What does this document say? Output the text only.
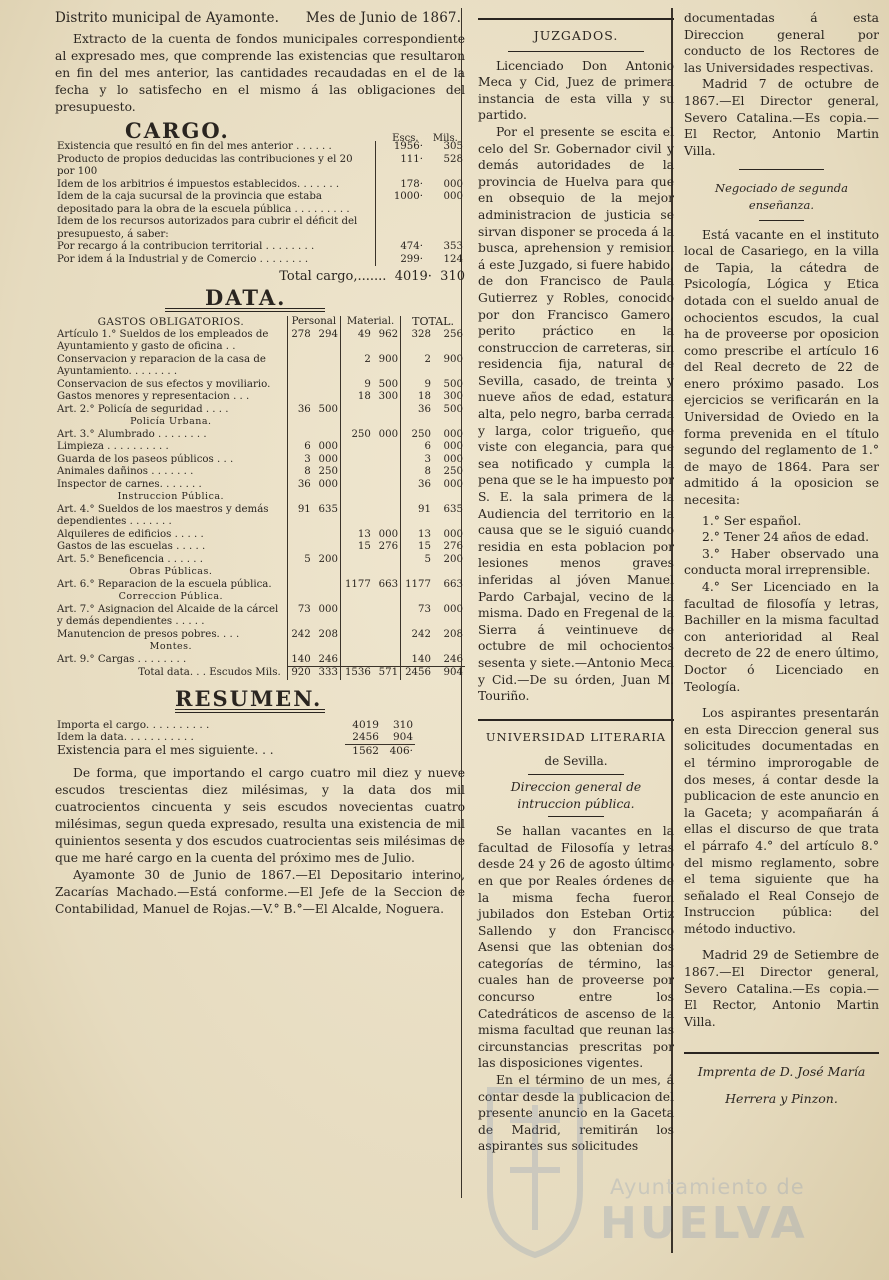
Distrito municipal de Ayamonte. Mes de Junio de 1867.

Extracto de la cuenta de fondos municipales correspondiente al expresado mes, que comprende las existencias que resultaron en fin del mes anterior, las cantidades recaudadas en el de la fecha y lo satisfecho en el mismo á las obligaciones del presupuesto.

CARGO.	Escs. Mils.
Existencia que resultó en fin del mes anterior . . . . . .	1956·	305
Producto de propios deducidas las contribuciones y el 20 por 100	111·	528
Idem de los arbitrios é impuestos establecidos. . . . . . .	178·	000
Idem de la caja sucursal de la provincia que estaba depositado para la obra de la escuela pública . . . . . . . . .	1000·	000
Idem de los recursos autorizados para cubrir el déficit del presupuesto, á saber:		
Por recargo á la contribucion territorial . . . . . . . .	474·	353
Por idem á la Industrial y de Comercio . . . . . . . .	299·	124
Total cargo,....... 4019· 310
DATA.
GASTOS OBLIGATORIOS.	Personal		Material.		TOTAL.	
Artículo 1.° Sueldos de los empleados de Ayuntamiento y gasto de oficina . .	278	294	49	962	328	256
Conservacion y reparacion de la casa de Ayuntamiento. . . . . . . .			2	900	2	900
Conservacion de sus efectos y moviliario.			9	500	9	500
Gastos menores y representacion . . .			18	300	18	300
Art. 2.° Policía de seguridad . . . .	36	500			36	500
Policía Urbana.						
Art. 3.° Alumbrado . . . . . . . .			250	000	250	000
Limpieza . . . . . . . . . .	6	000			6	000
Guarda de los paseos públicos . . .	3	000			3	000
Animales dañinos . . . . . . .	8	250			8	250
Inspector de carnes. . . . . . .	36	000			36	000
Instruccion Pública.						
Art. 4.° Sueldos de los maestros y demás dependientes . . . . . . .	91	635			91	635
Alquileres de edificios . . . . .			13	000	13	000
Gastos de las escuelas . . . . .			15	276	15	276
Art. 5.° Beneficencia . . . . . .	5	200			5	200
Obras Públicas.						
Art. 6.° Reparacion de la escuela pública.			1177	663	1177	663
Correccion Pública.						
Art. 7.° Asignacion del Alcaide de la cárcel y demás dependientes . . . . .	73	000			73	000
Manutencion de presos pobres. . . .	242	208			242	208
Montes.						
Art. 9.° Cargas . . . . . . . .	140	246			140	246
Total data. . . Escudos Mils.	920	333	1536	571	2456	904
RESUMEN.
Importa el cargo. . . . . . . . . .	4019	310	
Idem la data. . . . . . . . . . .	2456	904	
Existencia para el mes siguiente. . .	1562	406·	

De forma, que importando el cargo cuatro mil diez y nueve escudos trescientas diez milésimas, y la data dos mil cuatrocientos cincuenta y seis escudos novecientas cuatro milésimas, segun queda expresado, resulta una existencia de mil quinientos sesenta y dos escudos cuatrocientas seis milésimas de que me haré cargo en la cuenta del próximo mes de Julio.

Ayamonte 30 de Junio de 1867.—El Depositario interino, Zacarías Machado.—Está conforme.—El Jefe de la Seccion de Contabilidad, Manuel de Rojas.—V.° B.°—El Alcalde, Noguera.

JUZGADOS.

Licenciado Don Antonio Meca y Cid, Juez de primera instancia de esta villa y su partido.

Por el presente se escita el celo del Sr. Gobernador civil y demás autoridades de la provincia de Huelva para que en obsequio de la mejor administracion de justicia se sirvan disponer se proceda á la busca, aprehension y remision á este Juzgado, si fuere habido, de don Francisco de Paula Gutierrez y Robles, conocido por don Francisco Gamero, perito práctico en la construccion de carreteras, sin residencia fija, natural de Sevilla, casado, de treinta y nueve años de edad, estatura alta, pelo negro, barba cerrada y larga, color trigueño, que viste con elegancia, para que sea notificado y cumpla la pena que se le ha impuesto por S. E. la sala primera de la Audiencia del territorio en la causa que se le siguió cuando residia en esta poblacion por lesiones menos graves inferidas al jóven Manuel Pardo Carbajal, vecino de la misma. Dado en Fregenal de la Sierra á veintinueve de octubre de mil ochocientos sesenta y siete.—Antonio Meca y Cid.—De su órden, Juan M. Touriño.

UNIVERSIDAD LITERARIA
de Sevilla.

Direccion general de intruccion pública.

Se hallan vacantes en la facultad de Filosofía y letras desde 24 y 26 de agosto último en que por Reales órdenes de la misma fecha fueron jubilados don Esteban Ortiz Sallendo y don Francisco Asensi que las obtenian dos categorías de término, las cuales han de proveerse por concurso entre los Catedráticos de ascenso de la misma facultad que reunan las circunstancias prescritas por las disposiciones vigentes.

En el término de un mes, á contar desde la publicacion del presente anuncio en la Gaceta de Madrid, remitirán los aspirantes sus solicitudes

documentadas á esta Direccion general por conducto de los Rectores de las Universidades respectivas.

Madrid 7 de octubre de 1867.—El Director general, Severo Catalina.—Es copia.—El Rector, Antonio Martin Villa.

Negociado de segunda enseñanza.

Está vacante en el instituto local de Casariego, en la villa de Tapia, la cátedra de Psicología, Lógica y Etica dotada con el sueldo anual de ochocientos escudos, la cual ha de proveerse por oposicion como prescribe el artículo 16 del Real decreto de 22 de enero próximo pasado. Los ejercicios se verificarán en la Universidad de Oviedo en la forma prevenida en el título segundo del reglamento de 1.° de mayo de 1864. Para ser admitido á la oposicion se necesita:

1.° Ser español.

2.° Tener 24 años de edad.

3.° Haber observado una conducta moral irreprensible.

4.° Ser Licenciado en la facultad de filosofía y letras, Bachiller en la misma facultad con anterioridad al Real decreto de 22 de enero último, Doctor ó Licenciado en Teología.

Los aspirantes presentarán en esta Direccion general sus solicitudes documentadas en el término improrogable de dos meses, á contar desde la publicacion de este anuncio en la Gaceta; y acompañarán á ellas el discurso de que trata el párrafo 4.° del artículo 8.° del mismo reglamento, sobre el tema siguiente que ha señalado el Real Consejo de Instruccion pública: del método inductivo.

Madrid 29 de Setiembre de 1867.—El Director general, Severo Catalina.—Es copia.—El Rector, Antonio Martin Villa.

Imprenta de D. José María

Herrera y Pinzon.

Ayuntamiento de
HUELVA
